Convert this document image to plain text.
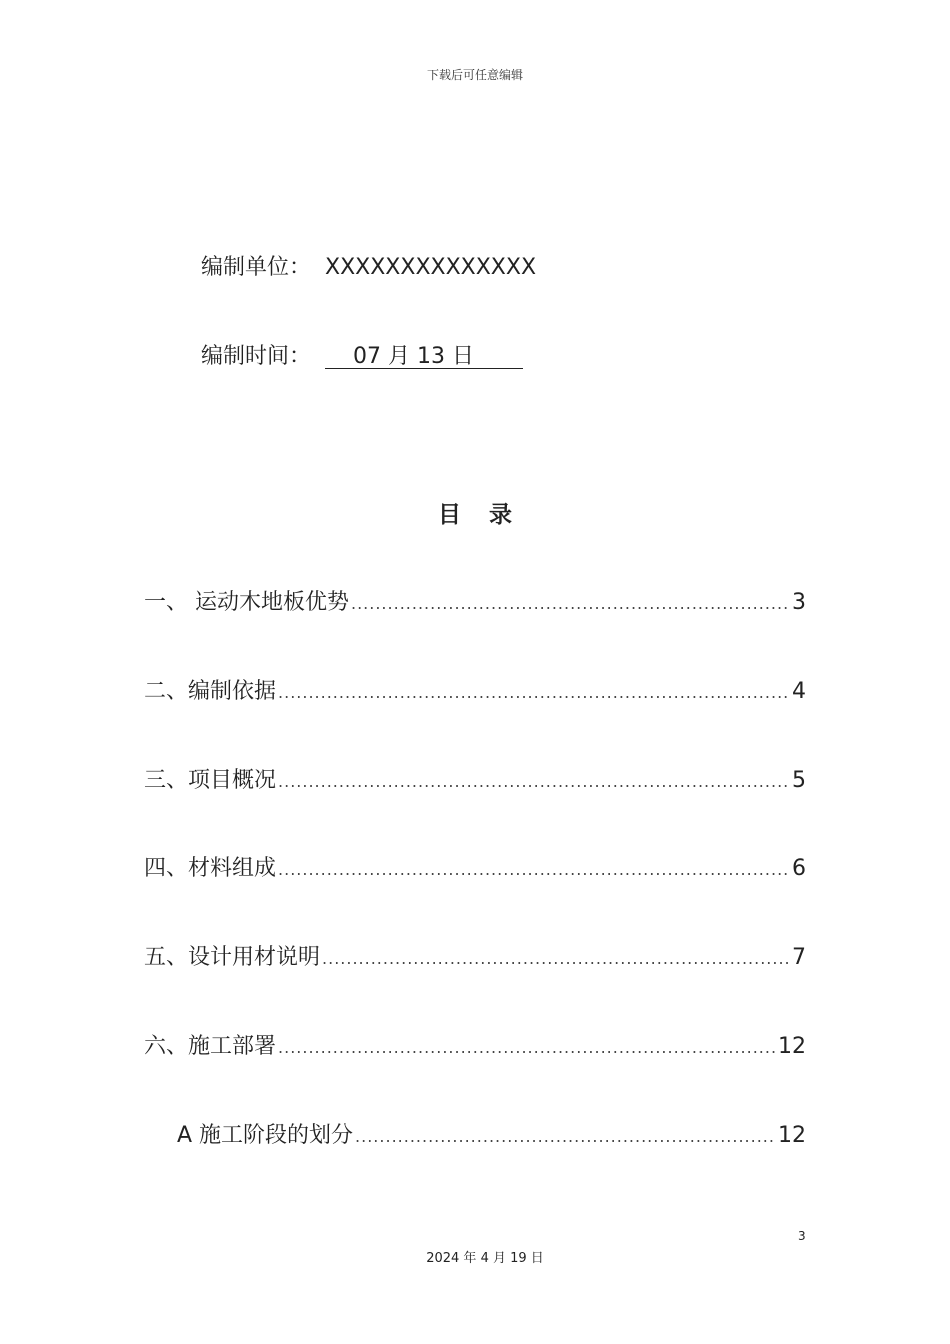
下载后可任意编辑
编制单位： XXXXXXXXXXXXXX
编制时间： 07 月 13 日
目录
一、 运动木地板优势 .....	3
二、编制依据 .....	4
三、项目概况 .....	5
四、材料组成 .....	6
五、设计用材说明 .....	7
六、施工部署 .....	12
A 施工阶段的划分 .....	12
3
2024 年 4 月 19 日
